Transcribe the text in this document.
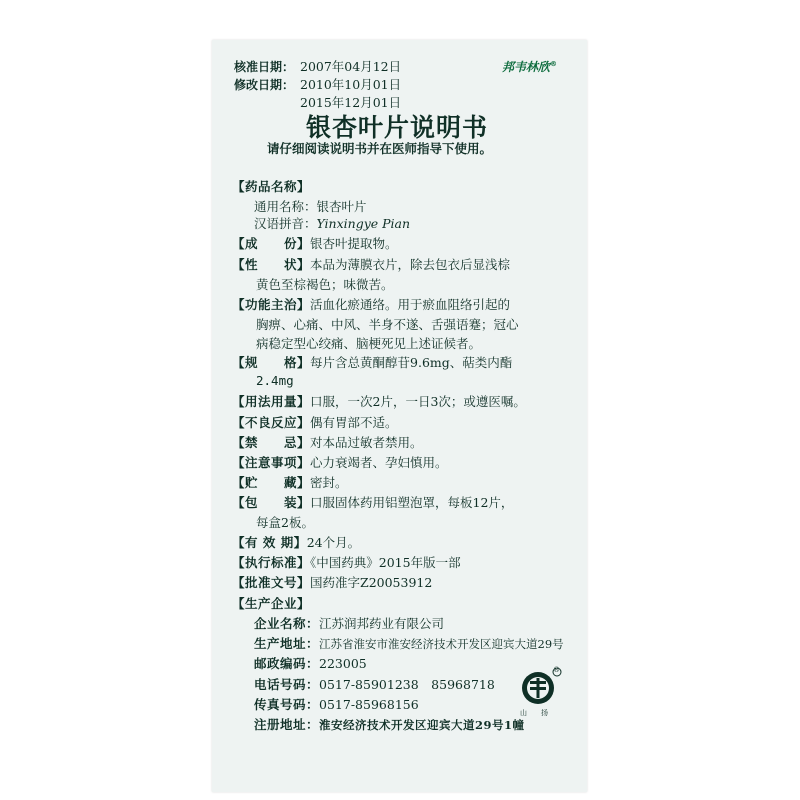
核准日期： 2007年04月12日
修改日期： 2010年10月01日
2015年12月01日
邦韦林欣®
银杏叶片说明书
请仔细阅读说明书并在医师指导下使用。
【药品名称】
通用名称：银杏叶片
汉语拼音：Yinxingye Pian
【成　　份】银杏叶提取物。
【性　　状】本品为薄膜衣片，除去包衣后显浅棕
黄色至棕褐色；味微苦。
【功能主治】活血化瘀通络。用于瘀血阻络引起的
胸痹、心痛、中风、半身不遂、舌强语蹇；冠心
病稳定型心绞痛、脑梗死见上述证候者。
【规　　格】每片含总黄酮醇苷9.6mg、萜类内酯
2.4mg
【用法用量】口服，一次2片，一日3次；或遵医嘱。
【不良反应】偶有胃部不适。
【禁　　忌】对本品过敏者禁用。
【注意事项】心力衰竭者、孕妇慎用。
【贮　　藏】密封。
【包　　装】口服固体药用铝塑泡罩，每板12片，
每盒2板。
【有 效 期】24个月。
【执行标准】《中国药典》2015年版一部
【批准文号】国药准字Z20053912
【生产企业】
企业名称：江苏润邦药业有限公司
生产地址：江苏省淮安市淮安经济技术开发区迎宾大道29号
邮政编码：223005
电话号码：0517-85901238　85968718
传真号码：0517-85968156
注册地址：淮安经济技术开发区迎宾大道29号1幢
®
山　　扬
